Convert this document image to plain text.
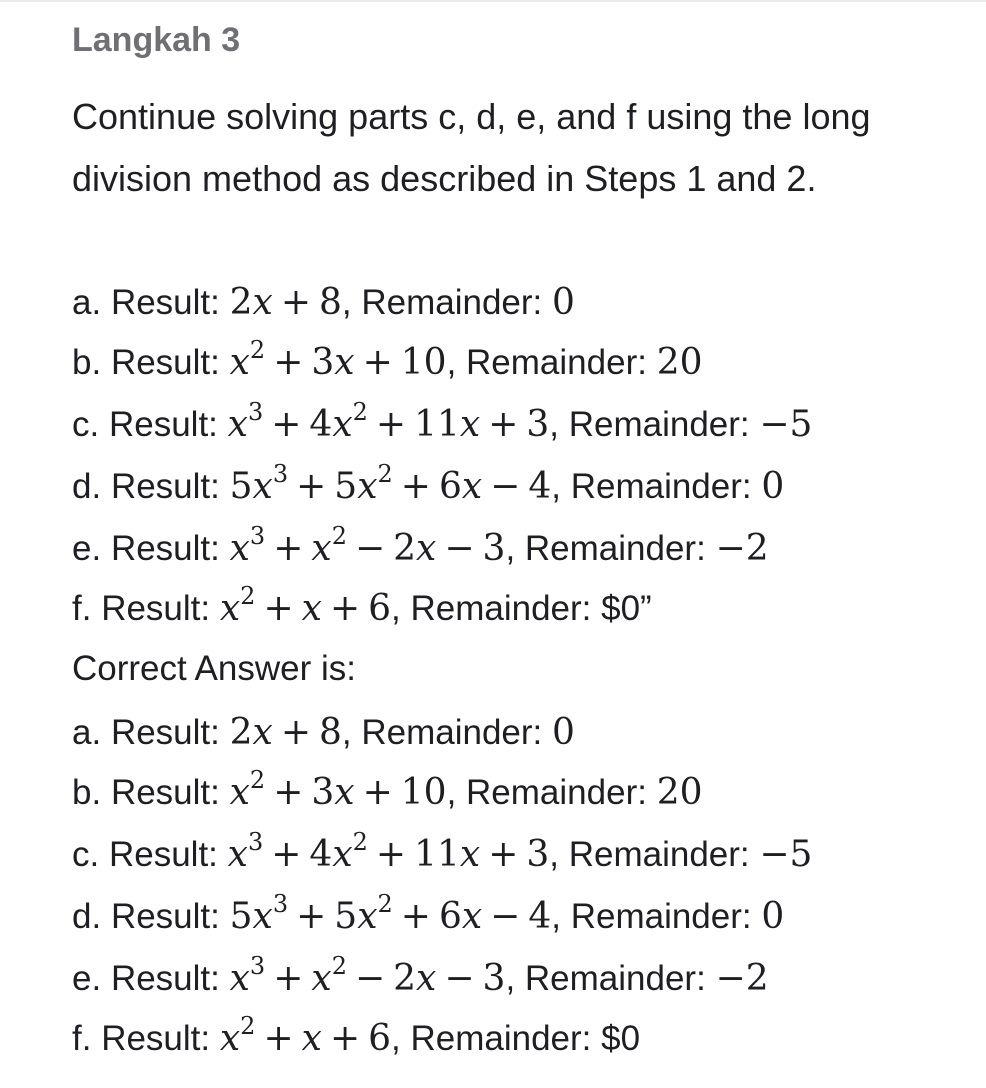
Langkah 3
Continue solving parts c, d, e, and f using the long division method as described in Steps 1 and 2.
a. Result: 2x + 8, Remainder: 0
b. Result: $x^2 + 3x + 10$, Remainder: 20
c. Result: $x^3 + 4x^2 + 11x + 3$, Remainder: −5
d. Result: $5x^3 + 5x^2 + 6x - 4$, Remainder: 0
e. Result: $x^3 + x^2 - 2x - 3$, Remainder: −2
f. Result: $x^2 + x + 6$, Remainder: $0”
Correct Answer is:
a. Result: 2x + 8, Remainder: 0
b. Result: $x^2 + 3x + 10$, Remainder: 20
c. Result: $x^3 + 4x^2 + 11x + 3$, Remainder: −5
d. Result: $5x^3 + 5x^2 + 6x - 4$, Remainder: 0
e. Result: $x^3 + x^2 - 2x - 3$, Remainder: −2
f. Result: $x^2 + x + 6$, Remainder: $0
